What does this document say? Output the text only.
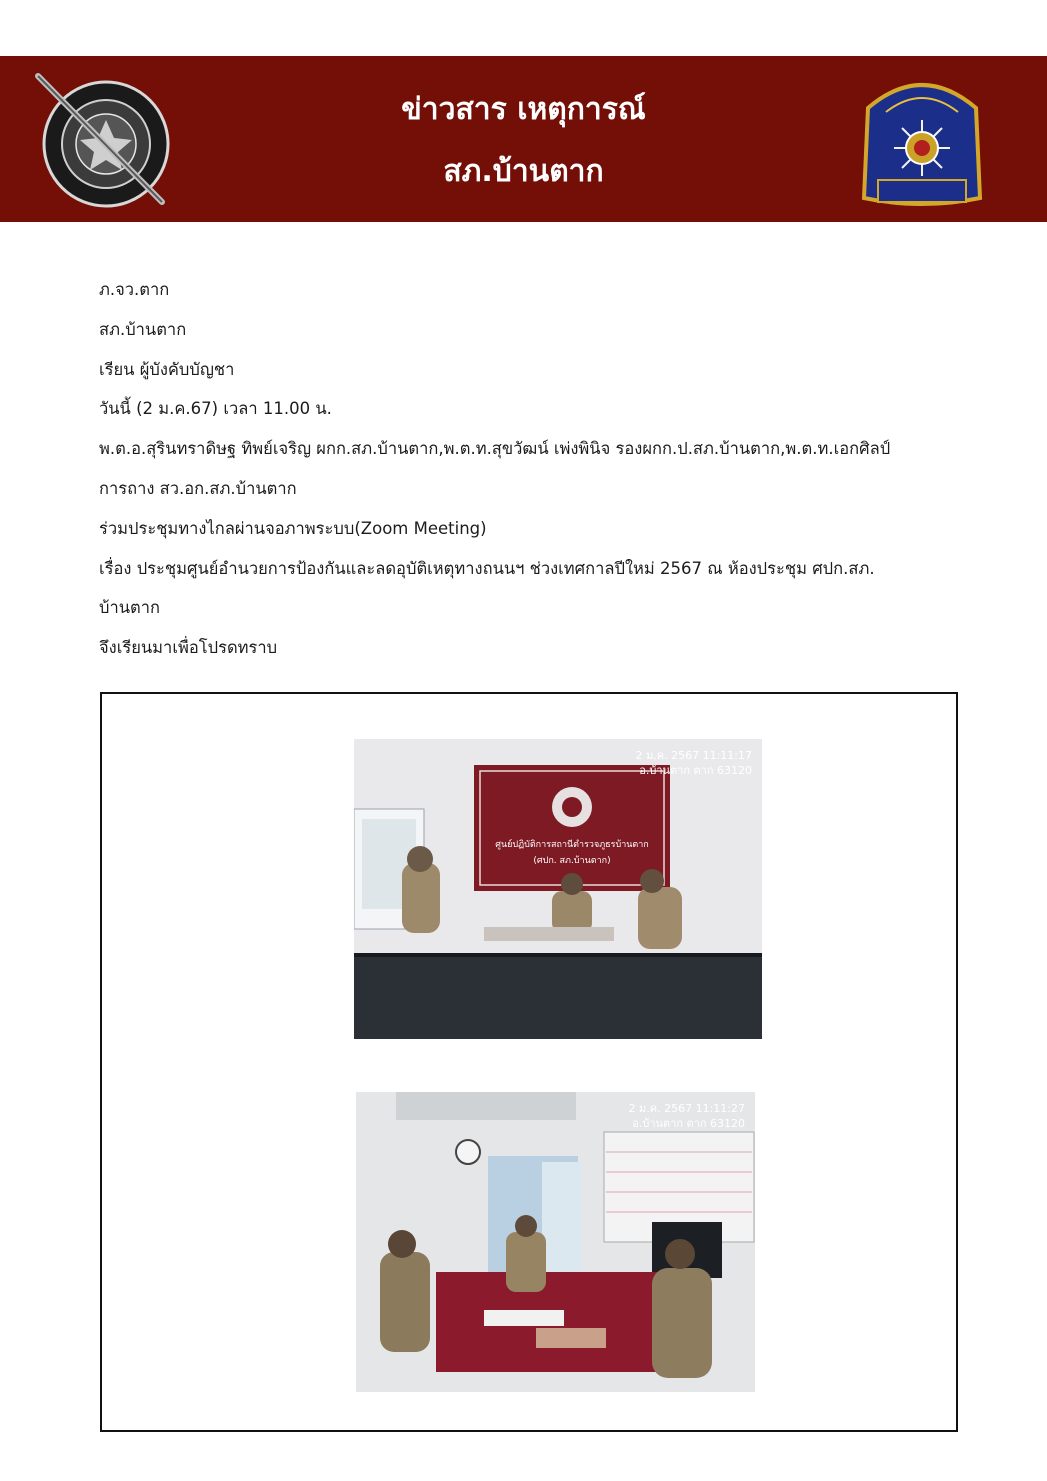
ข่าวสาร เหตุการณ์
สภ.บ้านตาก
ภ.จว.ตาก
สภ.บ้านตาก
เรียน ผู้บังคับบัญชา
วันนี้ (2 ม.ค.67) เวลา 11.00 น.
พ.ต.อ.สุรินทราดิษฐ ทิพย์เจริญ ผกก.สภ.บ้านตาก,พ.ต.ท.สุขวัฒน์ เพ่งพินิจ รองผกก.ป.สภ.บ้านตาก,พ.ต.ท.เอกศิลป์
การถาง สว.อก.สภ.บ้านตาก
ร่วมประชุมทางไกลผ่านจอภาพระบบ(Zoom Meeting)
เรื่อง ประชุมศูนย์อำนวยการป้องกันและลดอุบัติเหตุทางถนนฯ ช่วงเทศกาลปีใหม่ 2567 ณ ห้องประชุม ศปก.สภ.
บ้านตาก
จึงเรียนมาเพื่อโปรดทราบ
ศูนย์ปฏิบัติการสถานีตำรวจภูธรบ้านตาก
(ศปก. สภ.บ้านตาก)
2 ม.ค. 2567 11:11:17
อ.บ้านตาก ตาก 63120
2 ม.ค. 2567 11:11:27
อ.บ้านตาก ตาก 63120
